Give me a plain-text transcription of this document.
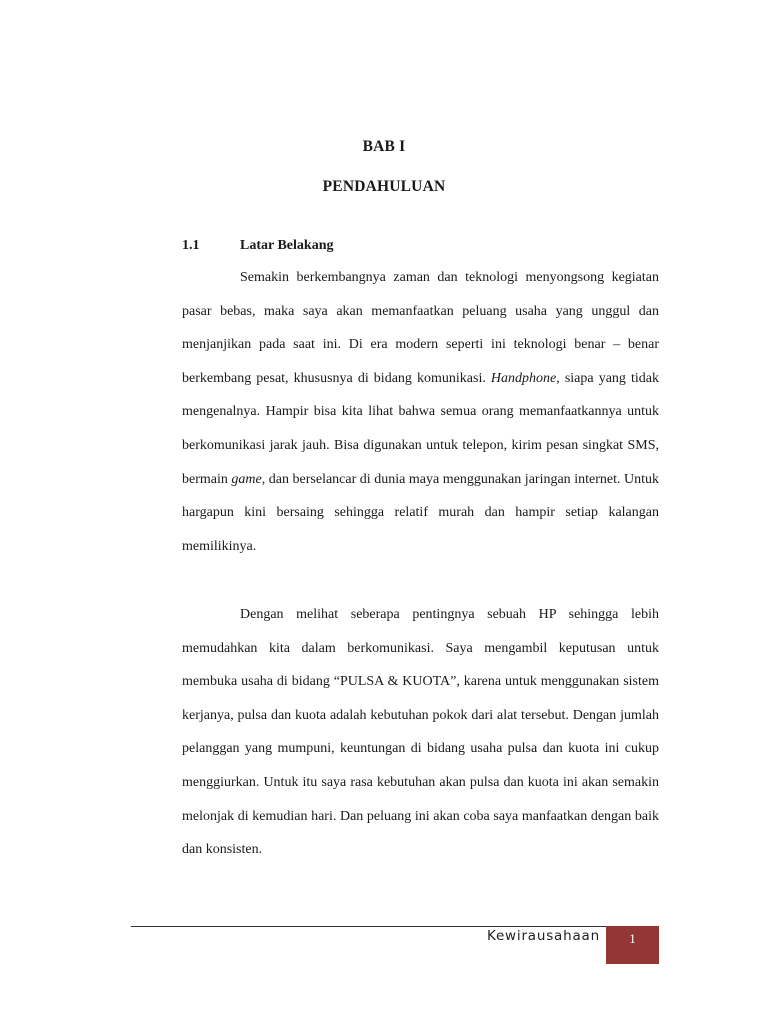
BAB I
PENDAHULUAN
1.1	Latar Belakang

Semakin berkembangnya zaman dan teknologi menyongsong kegiatan pasar bebas, maka saya akan memanfaatkan peluang usaha yang unggul dan menjanjikan pada saat ini. Di era modern seperti ini teknologi benar – benar berkembang pesat, khususnya di bidang komunikasi. Handphone, siapa yang tidak mengenalnya. Hampir bisa kita lihat bahwa semua orang memanfaatkannya untuk berkomunikasi jarak jauh. Bisa digunakan untuk telepon, kirim pesan singkat SMS, bermain game, dan berselancar di dunia maya menggunakan jaringan internet. Untuk hargapun kini bersaing sehingga relatif murah dan hampir setiap kalangan memilikinya.

Dengan melihat seberapa pentingnya sebuah HP sehingga lebih memudahkan kita dalam berkomunikasi. Saya mengambil keputusan untuk membuka usaha di bidang “PULSA & KUOTA”, karena untuk menggunakan sistem kerjanya, pulsa dan kuota adalah kebutuhan pokok dari alat tersebut. Dengan jumlah pelanggan yang mumpuni, keuntungan di bidang usaha pulsa dan kuota ini cukup menggiurkan. Untuk itu saya rasa kebutuhan akan pulsa dan kuota ini akan semakin melonjak di kemudian hari. Dan peluang ini akan coba saya manfaatkan dengan baik dan konsisten.

Kewirausahaan	1
